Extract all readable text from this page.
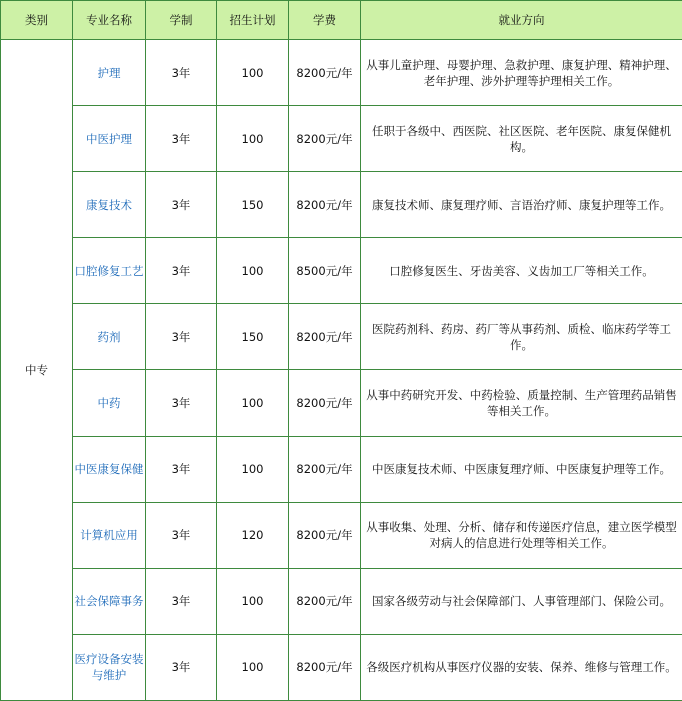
类别	专业名称	学制	招生计划	学费	就业方向
中专	护理	3年	100	8200元/年	从事儿童护理、母婴护理、急救护理、康复护理、精神护理、老年护理、涉外护理等护理相关工作。
	中医护理	3年	100	8200元/年	任职于各级中、西医院、社区医院、老年医院、康复保健机构。
	康复技术	3年	150	8200元/年	康复技术师、康复理疗师、言语治疗师、康复护理等工作。
	口腔修复工艺	3年	100	8500元/年	口腔修复医生、牙齿美容、义齿加工厂等相关工作。
	药剂	3年	150	8200元/年	医院药剂科、药房、药厂等从事药剂、质检、临床药学等工作。
	中药	3年	100	8200元/年	从事中药研究开发、中药检验、质量控制、生产管理药品销售等相关工作。
	中医康复保健	3年	100	8200元/年	中医康复技术师、中医康复理疗师、中医康复护理等工作。
	计算机应用	3年	120	8200元/年	从事收集、处理、分析、储存和传递医疗信息，建立医学模型对病人的信息进行处理等相关工作。
	社会保障事务	3年	100	8200元/年	国家各级劳动与社会保障部门、人事管理部门、保险公司。
	医疗设备安装与维护	3年	100	8200元/年	各级医疗机构从事医疗仪器的安装、保养、维修与管理工作。
